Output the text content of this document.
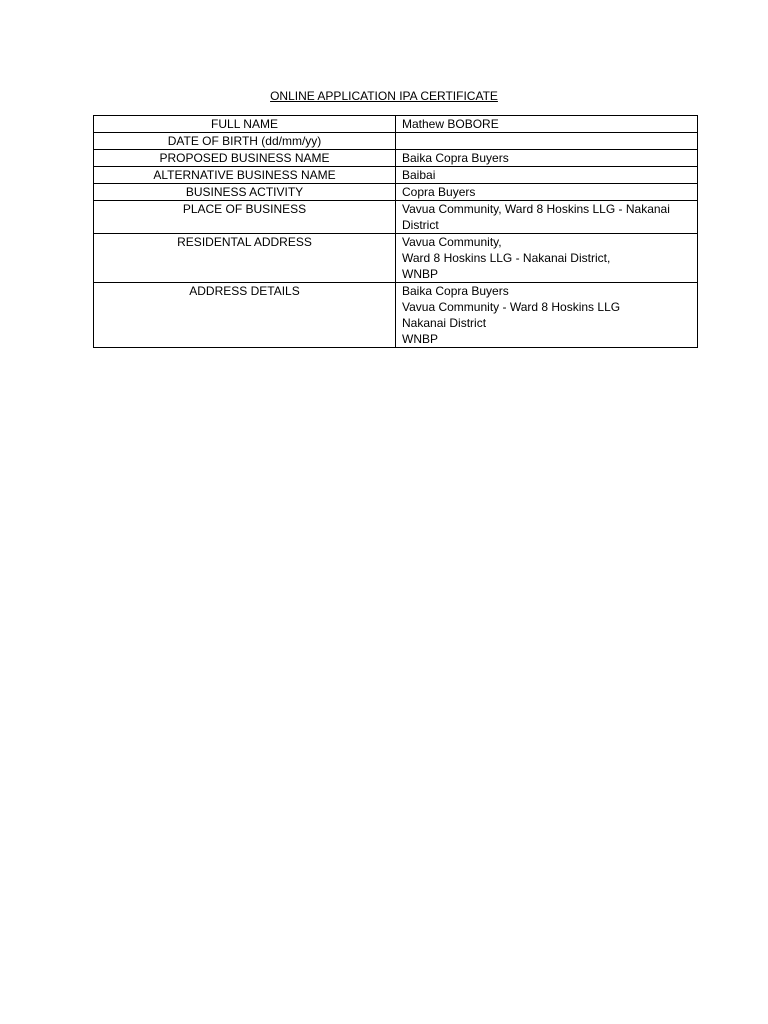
ONLINE APPLICATION IPA CERTIFICATE
FULL NAME	Mathew BOBORE

DATE OF BIRTH (dd/mm/yy)	

PROPOSED BUSINESS NAME	Baika Copra Buyers

ALTERNATIVE BUSINESS NAME	Baibai

BUSINESS ACTIVITY	Copra Buyers

PLACE OF BUSINESS	Vavua Community, Ward 8 Hoskins LLG - Nakanai District

RESIDENTAL ADDRESS	Vavua Community,
Ward 8 Hoskins LLG - Nakanai District,
WNBP

ADDRESS DETAILS	Baika Copra Buyers
Vavua Community - Ward 8 Hoskins LLG
Nakanai District
WNBP
